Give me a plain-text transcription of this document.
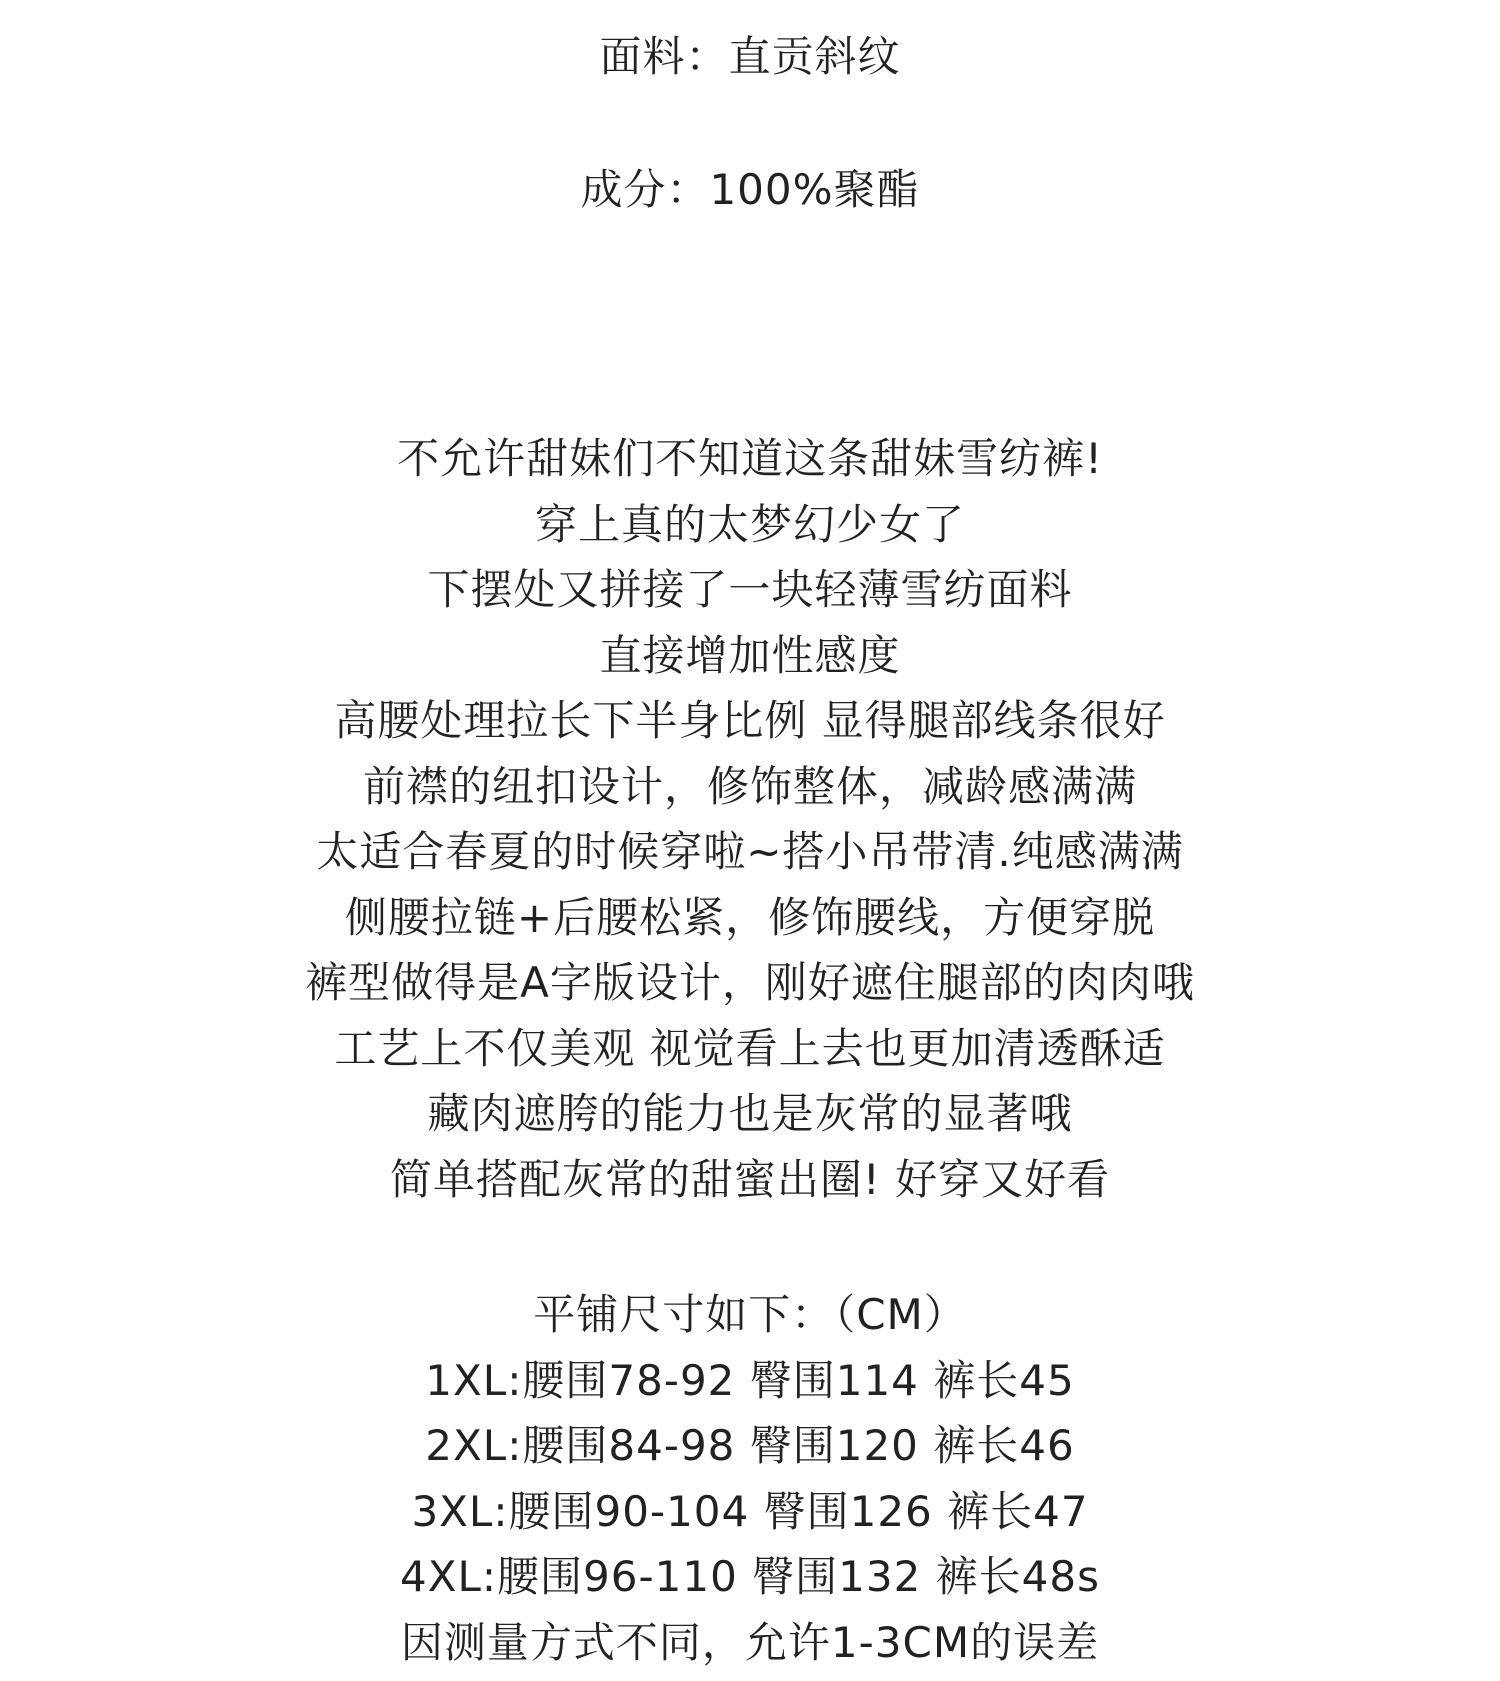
面料：直贡斜纹
成分：100%聚酯
不允许甜妹们不知道这条甜妹雪纺裤!
穿上真的太梦幻少女了
下摆处又拼接了一块轻薄雪纺面料
直接增加性感度
高腰处理拉长下半身比例 显得腿部线条很好
前襟的纽扣设计，修饰整体，减龄感满满
太适合春夏的时候穿啦~搭小吊带清.纯感满满
侧腰拉链+后腰松紧，修饰腰线，方便穿脱
裤型做得是A字版设计，刚好遮住腿部的肉肉哦
工艺上不仅美观 视觉看上去也更加清透酥适
藏肉遮胯的能力也是灰常的显著哦
简单搭配灰常的甜蜜出圈! 好穿又好看
平铺尺寸如下：（CM）
1XL:腰围78-92 臀围114 裤长45
2XL:腰围84-98 臀围120 裤长46
3XL:腰围90-104 臀围126 裤长47
4XL:腰围96-110 臀围132 裤长48s
因测量方式不同，允许1-3CM的误差
